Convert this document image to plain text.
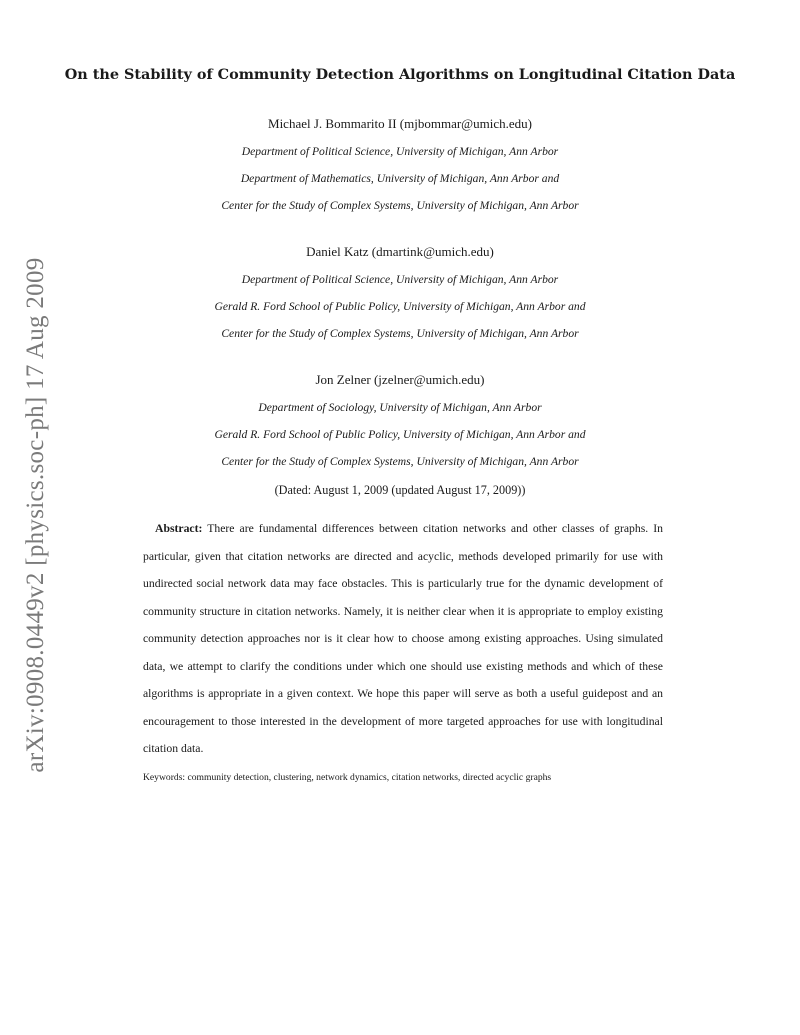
arXiv:0908.0449v2 [physics.soc-ph] 17 Aug 2009
On the Stability of Community Detection Algorithms on Longitudinal Citation Data
Michael J. Bommarito II (mjbommar@umich.edu)
Department of Political Science, University of Michigan, Ann Arbor
Department of Mathematics, University of Michigan, Ann Arbor and
Center for the Study of Complex Systems, University of Michigan, Ann Arbor
Daniel Katz (dmartink@umich.edu)
Department of Political Science, University of Michigan, Ann Arbor
Gerald R. Ford School of Public Policy, University of Michigan, Ann Arbor and
Center for the Study of Complex Systems, University of Michigan, Ann Arbor
Jon Zelner (jzelner@umich.edu)
Department of Sociology, University of Michigan, Ann Arbor
Gerald R. Ford School of Public Policy, University of Michigan, Ann Arbor and
Center for the Study of Complex Systems, University of Michigan, Ann Arbor
(Dated: August 1, 2009 (updated August 17, 2009))
Abstract: There are fundamental differences between citation networks and other classes of graphs. In particular, given that citation networks are directed and acyclic, methods developed primarily for use with undirected social network data may face obstacles. This is particularly true for the dynamic development of community structure in citation networks. Namely, it is neither clear when it is appropriate to employ existing community detection approaches nor is it clear how to choose among existing approaches. Using simulated data, we attempt to clarify the conditions under which one should use existing methods and which of these algorithms is appropriate in a given context. We hope this paper will serve as both a useful guidepost and an encouragement to those interested in the development of more targeted approaches for use with longitudinal citation data.
Keywords: community detection, clustering, network dynamics, citation networks, directed acyclic graphs
